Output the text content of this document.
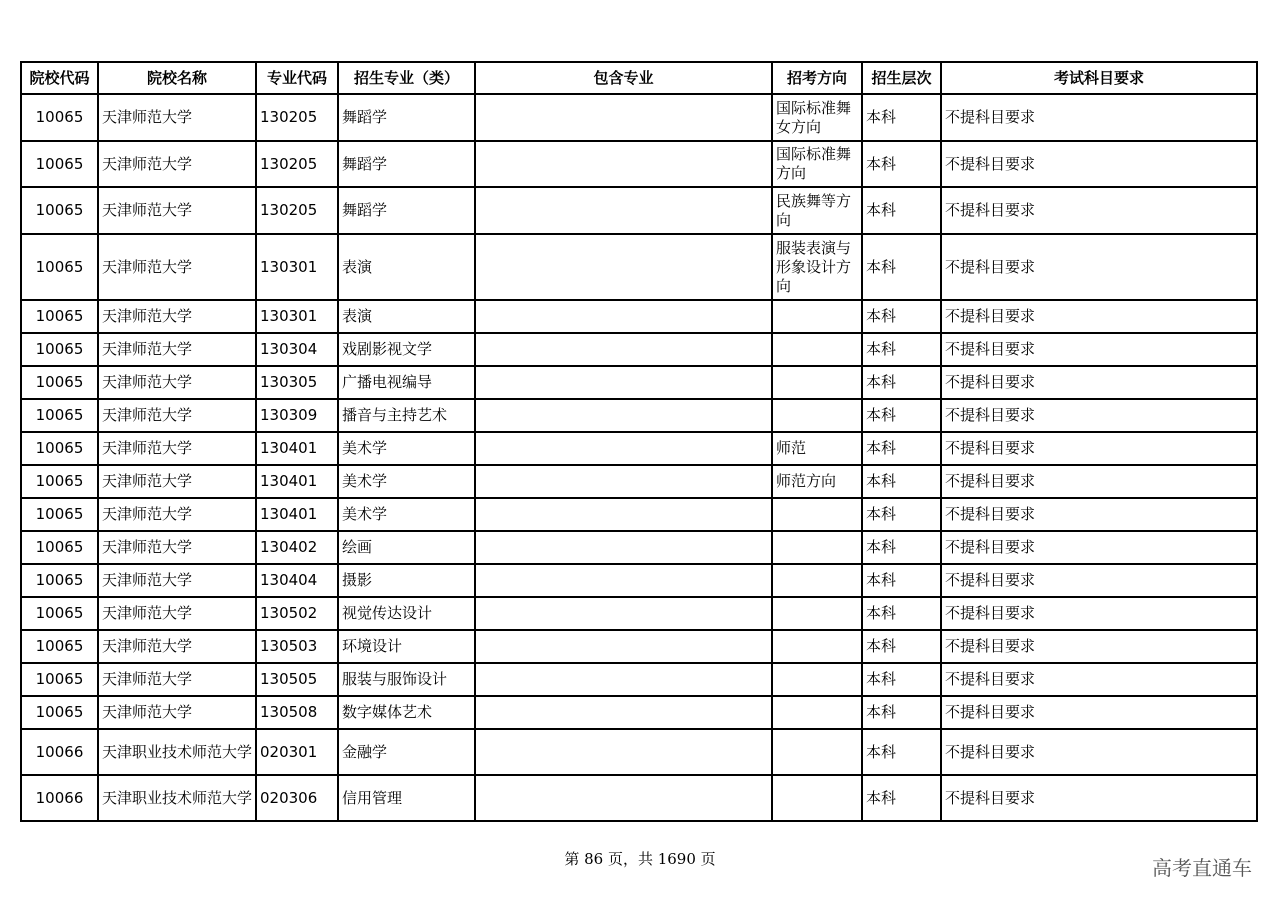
院校代码	院校名称	专业代码	招生专业（类）	包含专业	招考方向	招生层次	考试科目要求
10065	天津师范大学	130205	舞蹈学		国际标准舞女方向	本科	不提科目要求
10065	天津师范大学	130205	舞蹈学		国际标准舞方向	本科	不提科目要求
10065	天津师范大学	130205	舞蹈学		民族舞等方向	本科	不提科目要求
10065	天津师范大学	130301	表演		服装表演与形象设计方向	本科	不提科目要求
10065	天津师范大学	130301	表演			本科	不提科目要求
10065	天津师范大学	130304	戏剧影视文学			本科	不提科目要求
10065	天津师范大学	130305	广播电视编导			本科	不提科目要求
10065	天津师范大学	130309	播音与主持艺术			本科	不提科目要求
10065	天津师范大学	130401	美术学		师范	本科	不提科目要求
10065	天津师范大学	130401	美术学		师范方向	本科	不提科目要求
10065	天津师范大学	130401	美术学			本科	不提科目要求
10065	天津师范大学	130402	绘画			本科	不提科目要求
10065	天津师范大学	130404	摄影			本科	不提科目要求
10065	天津师范大学	130502	视觉传达设计			本科	不提科目要求
10065	天津师范大学	130503	环境设计			本科	不提科目要求
10065	天津师范大学	130505	服装与服饰设计			本科	不提科目要求
10065	天津师范大学	130508	数字媒体艺术			本科	不提科目要求
10066	天津职业技术师范大学	020301	金融学			本科	不提科目要求
10066	天津职业技术师范大学	020306	信用管理			本科	不提科目要求
第 86 页，共 1690 页	高考直通车
